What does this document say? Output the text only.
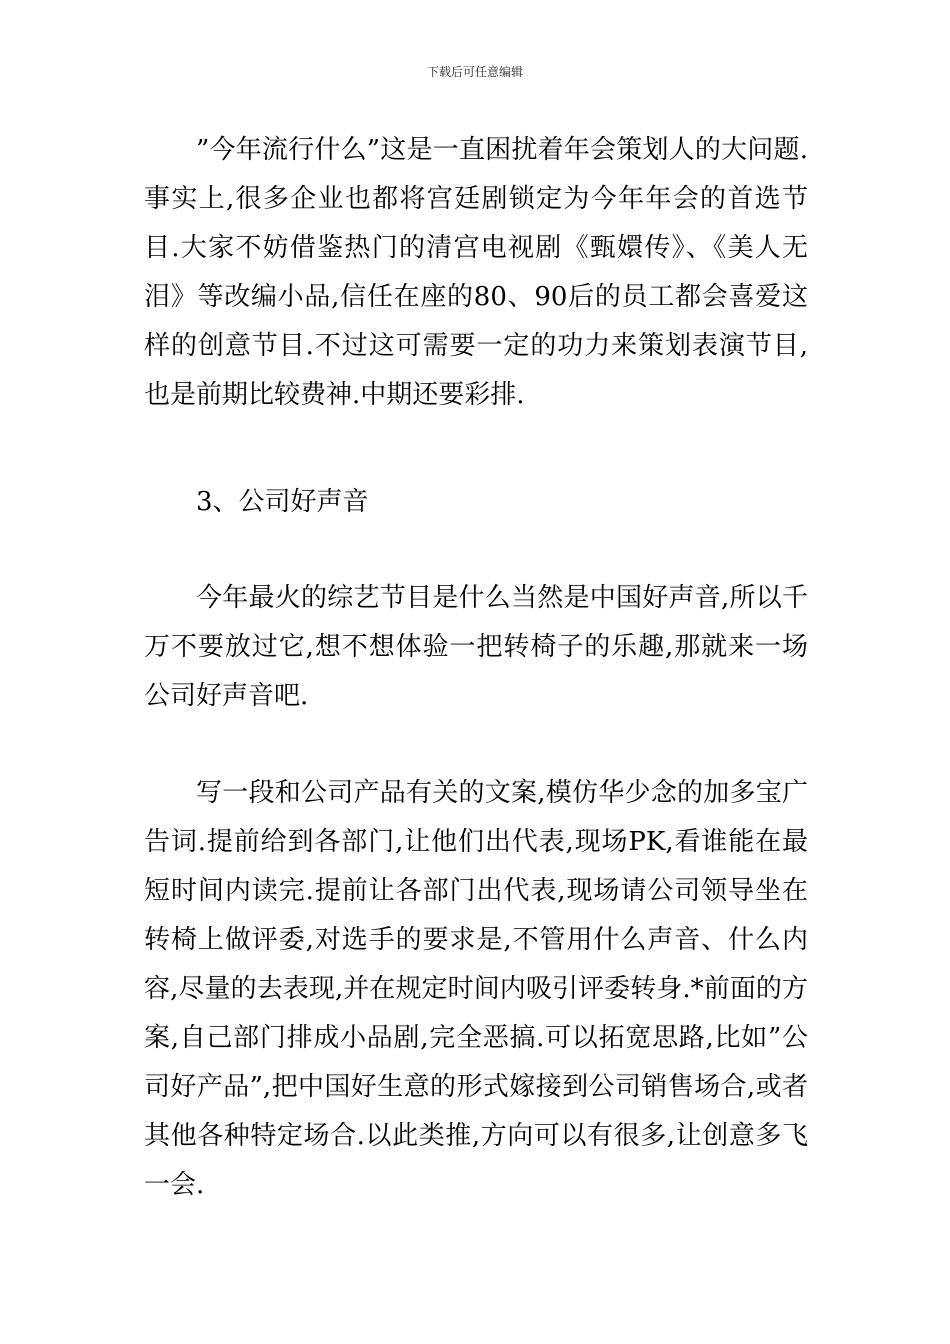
下载后可任意编辑

”今年流行什么”这是一直困扰着年会策划人的大问题.事实上,很多企业也都将宫廷剧锁定为今年年会的首选节目.大家不妨借鉴热门的清宫电视剧《甄嬛传》、《美人无泪》等改编小品,信任在座的80、90后的员工都会喜爱这样的创意节目.不过这可需要一定的功力来策划表演节目,也是前期比较费神.中期还要彩排.

3、公司好声音

今年最火的综艺节目是什么当然是中国好声音,所以千万不要放过它,想不想体验一把转椅子的乐趣,那就来一场公司好声音吧.

写一段和公司产品有关的文案,模仿华少念的加多宝广告词.提前给到各部门,让他们出代表,现场PK,看谁能在最短时间内读完.提前让各部门出代表,现场请公司领导坐在转椅上做评委,对选手的要求是,不管用什么声音、什么内容,尽量的去表现,并在规定时间内吸引评委转身.*前面的方案,自己部门排成小品剧,完全恶搞.可以拓宽思路,比如”公司好产品”,把中国好生意的形式嫁接到公司销售场合,或者其他各种特定场合.以此类推,方向可以有很多,让创意多飞一会.
